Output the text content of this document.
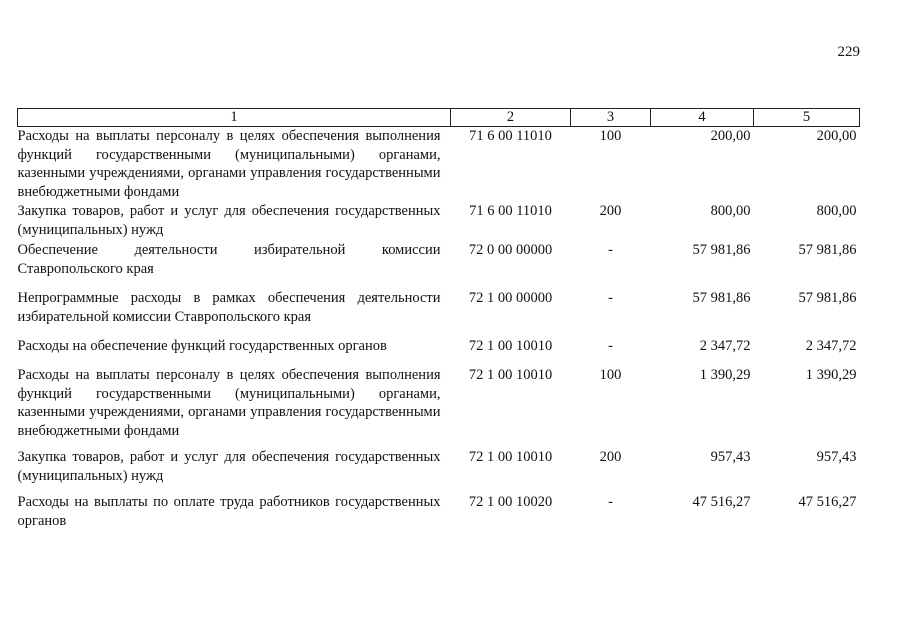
229
1	2	3	4	5
Расходы на выплаты персоналу в целях обеспечения выполнения функций государственными (муниципальными) органами, казенными учреждениями, органами управления государственными внебюджетными фондами	71 6 00 11010	100	200,00	200,00
Закупка товаров, работ и услуг для обеспечения государственных (муниципальных) нужд	71 6 00 11010	200	800,00	800,00
Обеспечение деятельности избирательной комиссии Ставропольского края	72 0 00 00000	-	57 981,86	57 981,86
Непрограммные расходы в рамках обеспечения деятельности избирательной комиссии Ставропольского края	72 1 00 00000	-	57 981,86	57 981,86
Расходы на обеспечение функций государственных органов	72 1 00 10010	-	2 347,72	2 347,72
Расходы на выплаты персоналу в целях обеспечения выполнения функций государственными (муниципальными) органами, казенными учреждениями, органами управления государственными внебюджетными фондами	72 1 00 10010	100	1 390,29	1 390,29
Закупка товаров, работ и услуг для обеспечения государственных (муниципальных) нужд	72 1 00 10010	200	957,43	957,43
Расходы на выплаты по оплате труда работников государственных органов	72 1 00 10020	-	47 516,27	47 516,27
